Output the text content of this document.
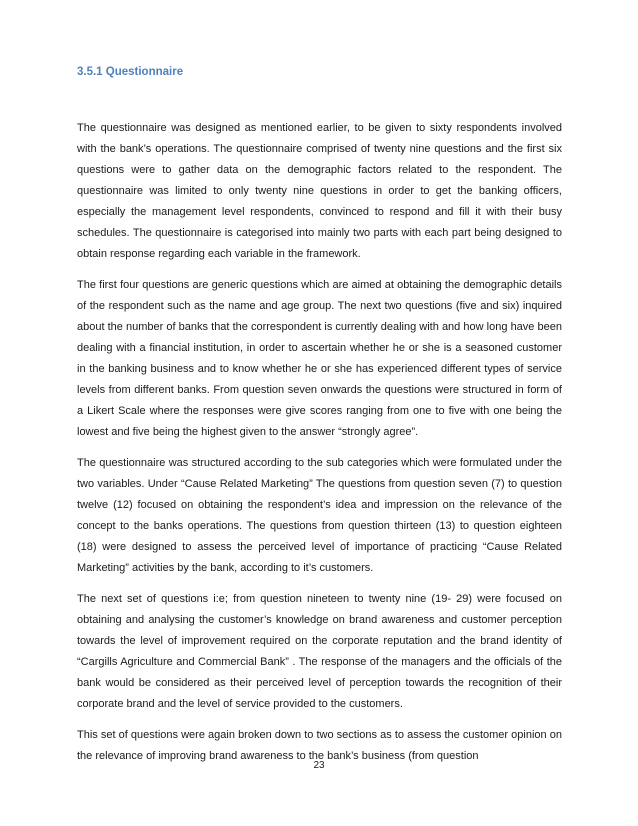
3.5.1 Questionnaire

The questionnaire was designed as mentioned earlier, to be given to sixty respondents involved with the bank’s operations. The questionnaire comprised of twenty nine questions and the first six questions were to gather data on the demographic factors related to the respondent. The questionnaire was limited to only twenty nine questions in order to get the banking officers, especially the management level respondents, convinced to respond and fill it with their busy schedules. The questionnaire is categorised into mainly two parts with each part being designed to obtain response regarding each variable in the framework.

The first four questions are generic questions which are aimed at obtaining the demographic details of the respondent such as the name and age group. The next two questions (five and six) inquired about the number of banks that the correspondent is currently dealing with and how long have been dealing with a financial institution, in order to ascertain whether he or she is a seasoned customer in the banking business and to know whether he or she has experienced different types of service levels from different banks. From question seven onwards the questions were structured in form of a Likert Scale where the responses were give scores ranging from one to five with one being the lowest and five being the highest given to the answer “strongly agree”.

The questionnaire was structured according to the sub categories which were formulated under the two variables. Under “Cause Related Marketing” The questions from question seven (7) to question twelve (12) focused on obtaining the respondent’s idea and impression on the relevance of the concept to the banks operations. The questions from question thirteen (13) to question eighteen (18) were designed to assess the perceived level of importance of practicing “Cause Related Marketing” activities by the bank, according to it’s customers.

The next set of questions i:e; from question nineteen to twenty nine (19- 29) were focused on obtaining and analysing the customer’s knowledge on brand awareness and customer perception towards the level of improvement required on the corporate reputation and the brand identity of “Cargills Agriculture and Commercial Bank” . The response of the managers and the officials of the bank would be considered as their perceived level of perception towards the recognition of their corporate brand and the level of service provided to the customers.

This set of questions were again broken down to two sections as to assess the customer opinion on the relevance of improving brand awareness to the bank’s business (from question

23
